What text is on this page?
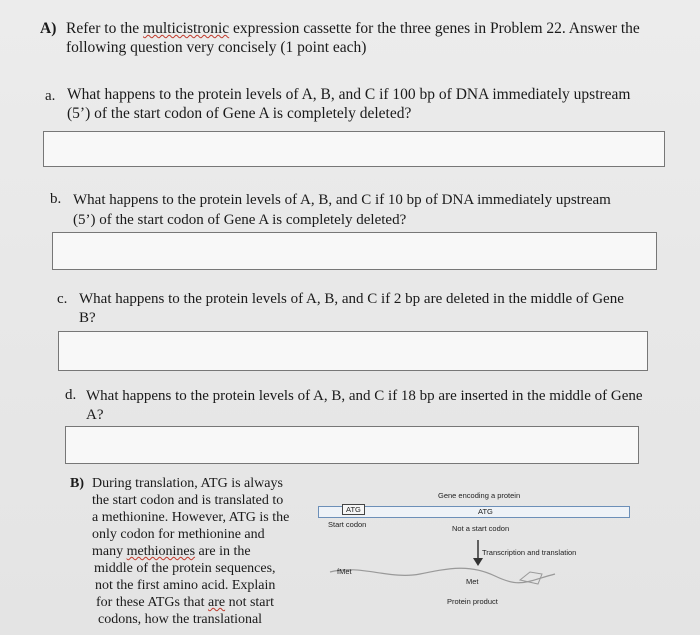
A) Refer to the multicistronic expression cassette for the three genes in Problem 22. Answer the
following question very concisely (1 point each)
a. What happens to the protein levels of A, B, and C if 100 bp of DNA immediately upstream
(5’) of the start codon of Gene A is completely deleted?
b. What happens to the protein levels of A, B, and C if 10 bp of DNA immediately upstream
(5’) of the start codon of Gene A is completely deleted?
c. What happens to the protein levels of A, B, and C if 2 bp are deleted in the middle of Gene
B?
d. What happens to the protein levels of A, B, and C if 18 bp are inserted in the middle of Gene
A?
B) During translation, ATG is always
the start codon and is translated to
a methionine. However, ATG is the
only codon for methionine and
many methionines are in the
middle of the protein sequences,
not the first amino acid. Explain
for these ATGs that are not start
codons, how the translational
Gene encoding a protein
ATG	ATG
Start codon	Not a start codon
Transcription and translation
fMet
Met
Protein product
